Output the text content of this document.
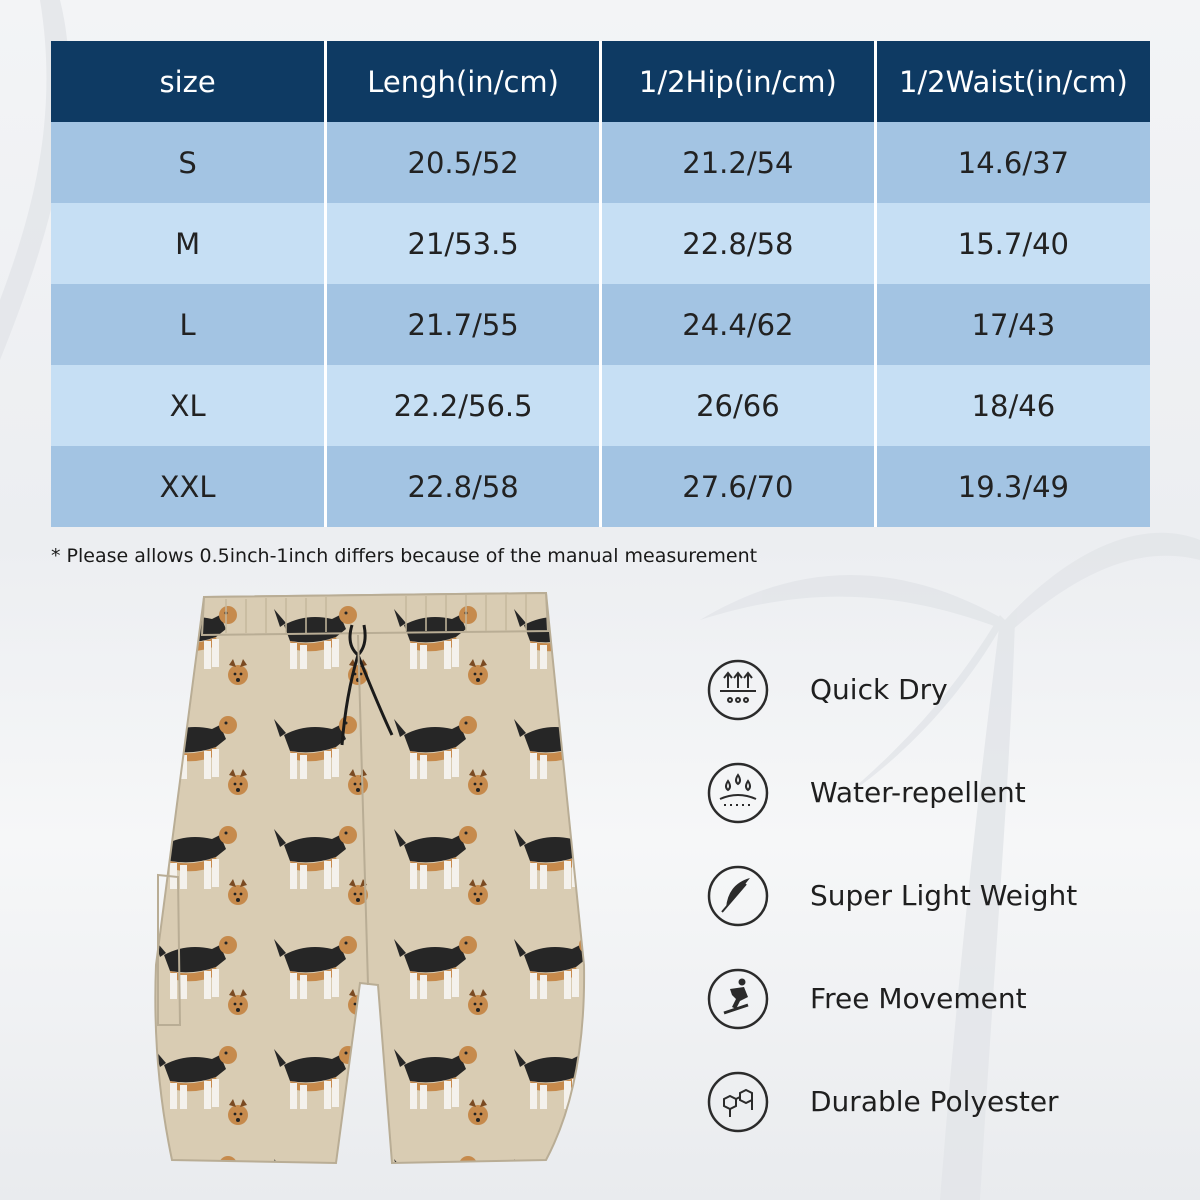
size	Lengh(in/cm)	1/2Hip(in/cm)	1/2Waist(in/cm)
S	20.5/52	21.2/54	14.6/37
M	21/53.5	22.8/58	15.7/40
L	21.7/55	24.4/62	17/43
XL	22.2/56.5	26/66	18/46
XXL	22.8/58	27.6/70	19.3/49

* Please allows 0.5inch-1inch differs because of the manual measurement

Quick Dry
Water-repellent
Super Light Weight
Free Movement
Durable Polyester
